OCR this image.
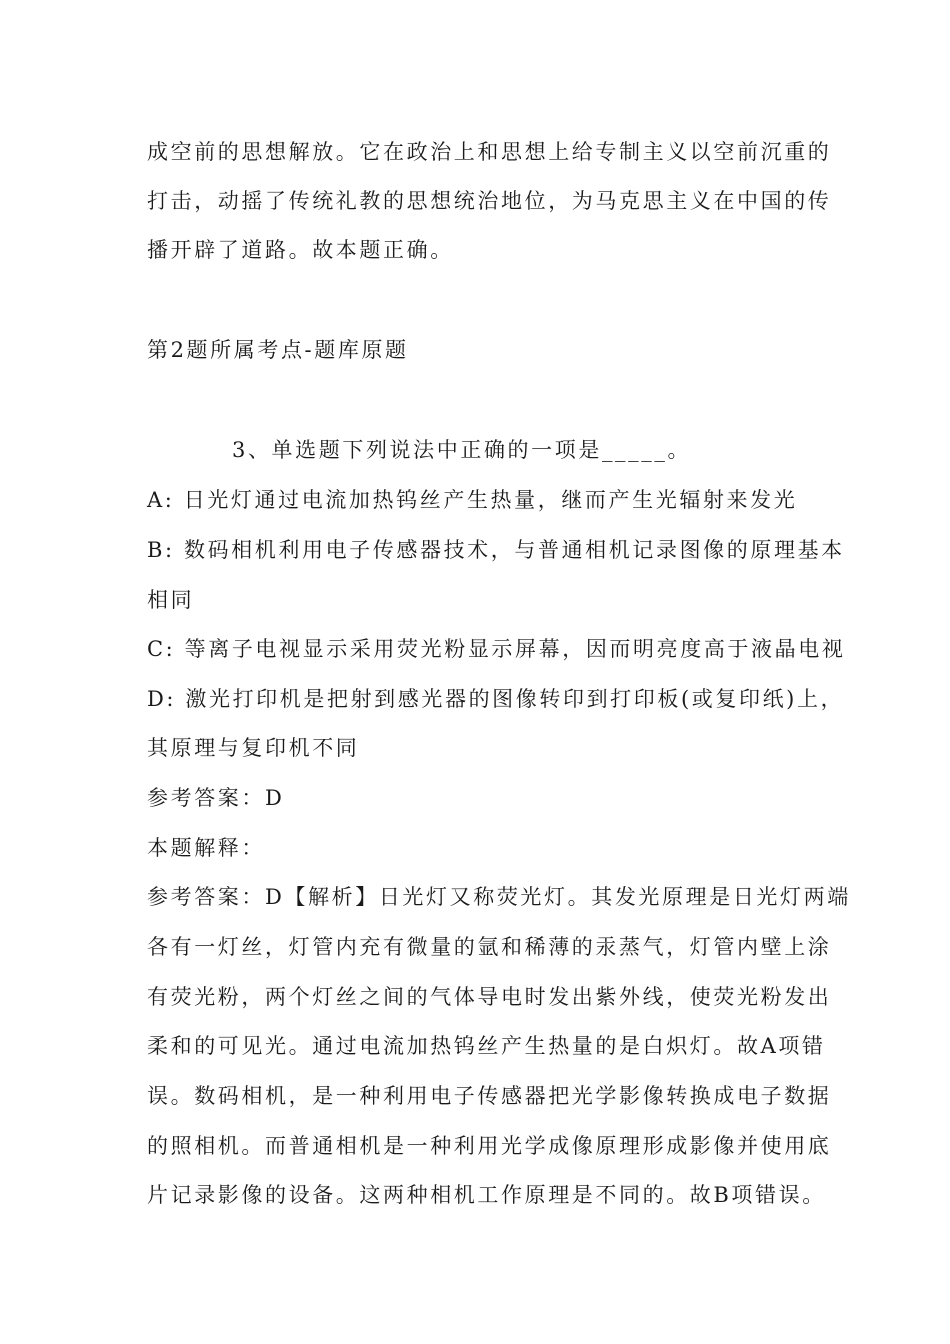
成空前的思想解放。它在政治上和思想上给专制主义以空前沉重的
打击，动摇了传统礼教的思想统治地位，为马克思主义在中国的传
播开辟了道路。故本题正确。
第2题所属考点-题库原题
3、单选题下列说法中正确的一项是_____。
A: 日光灯通过电流加热钨丝产生热量，继而产生光辐射来发光
B: 数码相机利用电子传感器技术，与普通相机记录图像的原理基本
相同
C: 等离子电视显示采用荧光粉显示屏幕，因而明亮度高于液晶电视
D: 激光打印机是把射到感光器的图像转印到打印板(或复印纸)上，
其原理与复印机不同
参考答案：D
本题解释：
参考答案：D【解析】日光灯又称荧光灯。其发光原理是日光灯两端
各有一灯丝，灯管内充有微量的氩和稀薄的汞蒸气，灯管内壁上涂
有荧光粉，两个灯丝之间的气体导电时发出紫外线，使荧光粉发出
柔和的可见光。通过电流加热钨丝产生热量的是白炽灯。故A项错
误。数码相机，是一种利用电子传感器把光学影像转换成电子数据
的照相机。而普通相机是一种利用光学成像原理形成影像并使用底
片记录影像的设备。这两种相机工作原理是不同的。故B项错误。
